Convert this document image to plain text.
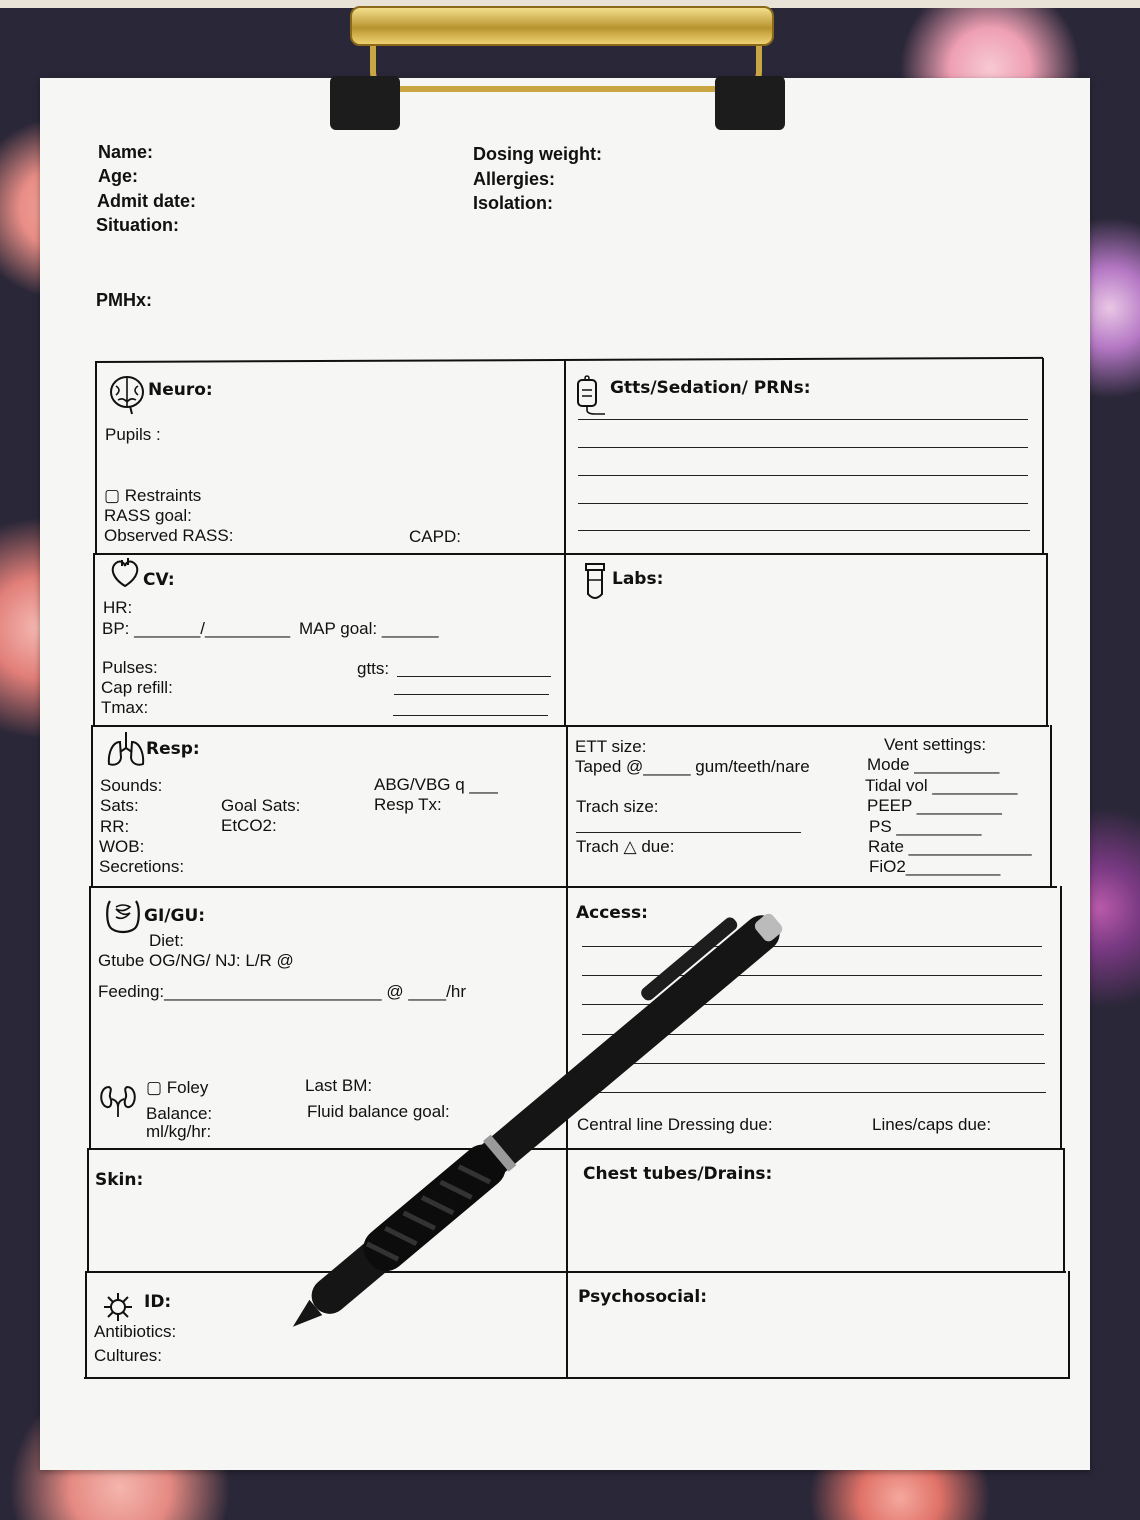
Name:
Age:
Admit date:
Situation:
PMHx:
Dosing weight:
Allergies:
Isolation:
Neuro:
Pupils :
▢ Restraints
RASS goal:
Observed RASS:	CAPD:
Gtts/Sedation/ PRNs:
CV:
HR:
BP: _______/_________ MAP goal: ______
Pulses:	gtts:
Cap refill:
Tmax:
Labs:
Resp:
Sounds:
Sats:	Goal Sats:
RR:	EtCO2:
WOB:
Secretions:
ABG/VBG q ___
Resp Tx:
ETT size:
Taped @_____ gum/teeth/nare
Trach size:
Trach △ due:
Vent settings:
Mode _________
Tidal vol _________
PEEP _________
PS _________
Rate _____________
FiO2__________
GI/GU:
Diet:
Gtube OG/NG/ NJ: L/R @
Feeding:_______________________ @ ____/hr
▢ Foley
Balance:
ml/kg/hr:
Last BM:
Fluid balance goal:
Access:
Central line Dressing due:	Lines/caps due:
Skin:	Chest tubes/Drains:
ID:
Antibiotics:
Cultures:
Psychosocial:
